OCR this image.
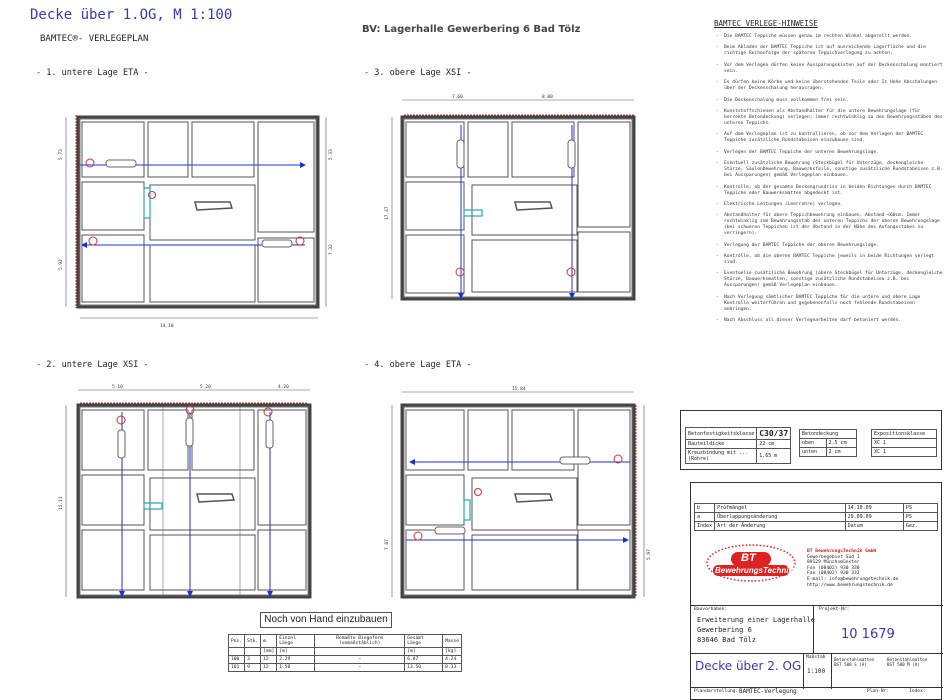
Decke über 1.OG, M 1:100
BAMTEC®- VERLEGEPLAN
BV: Lagerhalle Gewerbering 6 Bad Tölz
- 1. untere Lage ETA -	- 3. obere Lage XSI -
- 2. untere Lage XSI -	- 4. obere Lage ETA -
14,10
5.73
5.92
5.33
7.32
7.60	8.00
17.47
5.10	5.20	4.20
15.11
15.84
7.87
5.97
BAMTEC VERLEGE-HINWEISE
- Die BAMTEC Teppiche müssen genau im rechten Winkel abgerollt werden.
- Beim Abladen der BAMTEC Teppiche ist auf ausreichende Lagerfläche und die richtige Reihenfolge der späteren Teppichverlegung zu achten.
- Vor dem Verlegen dürfen keine Aussparungskisten auf der Deckenschalung montiert sein.
- Es dürfen keine Körbe und keine überstehenden Teile oder Is Hohe Abschalungen über der Deckenschalung herausragen.
- Die Deckenschalung muss vollkommen frei sein.
- Kunststoffschienen als Abstandhalter für die untere Bewehrungslage (für korrekte Betondeckung) verlegen; immer rechtwinklig zu den Bewehrungsstäben des unteren Teppichs.
- Auf dem Verlegeplan ist zu kontrollieren, ob vor dem Verlegen der BAMTEC Teppiche zusätzliche Rundstabeisen einzubauen sind.
- Verlegen der BAMTEC Teppiche der unteren Bewehrungslage.
- Eventuell zusätzliche Bewehrung (Steckbügel für Unterzüge, deckengleiche Stürze, Säulenbewehrung, Bauwerksfeile, sonstige zusätzliche Rundstabeisen z.B. bei Aussparungen) gemäß Verlegeplan einbauen.
- Kontrolle, ob der gesamte Deckengrundriss in beiden Richtungen durch BAMTEC Teppiche oder Bauwerksmatten abgedeckt ist.
- Elektrische Leitungen (Leerrohre) verlegen.
- Abstandhalter für obere Teppichbewehrung einbauen. Abstand <60cm. Immer rechtwinklig zum Bewehrungsstab des unteren Teppichs der oberen Bewehrungslage (bei schweren Teppichen ist der Abstand in der Nähe des Anfangsstabes zu verringern).
- Verlegung der BAMTEC Teppiche der oberen Bewehrungslage.
- Kontrolle, ob die oberen BAMTEC Teppiche jeweils in beide Richtungen verlegt sind.
- Eventuelle zusätzliche Bewehrung (obere Steckbügel für Unterzüge, deckengleiche Stürze, Bauwerksmatten, sonstige zusätzliche Rundstabeisen z.B. bei Aussparungen) gemäß Verlegeplan einbauen.
- Nach Verlegung sämtlicher BAMTEC Teppiche für die untere und obere Lage Kontrolle weiterführen und gegebenenfalls noch fehlende Rundstabeisen anbringen.
- Nach Abschluss all dieser Verlegearbeiten darf betoniert werden.
Betonfestigkeitsklasse	C30/37
Bauteildicke	22 cm
Kreuzbindung mit ... (Rohre)	1.65 m
Betondeckung	
oben	2.5 cm
unten	2 cm
Expositionsklasse
XC 1
XC 1
b	Prüfmängel	14.10.09	PS
a	Überlappungsänderung	29.09.09	PS
Index	Art der Änderung	Datum	Gez.
BT
BewehrungsTechnik
BT BewehrungsTechnik GmbH
Gewerbegebiet Süd 1
89129 Münchsmünster
Fon (08402) 930 330
Fax (08402) 930 332
E-mail: info@bewehrungstechnik.de
http://www.bewehrungstechnik.de
Bauvorhaben:
Erweiterung einer Lagerhalle
Gewerbering 6
83646 Bad Tölz
Projekt-Nr:
10 1679
Decke über 2. OG
Maßstab
1:100
Betonstahlmatten
BST 500 S (A)
Betonstahlmatten
BST 500 M (A)
Plandarstellung: BAMTEC-Verlegung	Plan-Nr:	Index:
Noch von Hand einzubauen
Pos.	Stk.	ø	Einzel Länge	Bemaßte Biegeform (unmaßstäblich)	Gesamt Länge	Masse
		[mm]	[m]		[m]	[kg]
100	3	12	2.29	—	6.87	4.24
101	9	12	1.50	—	13.50	8.33
